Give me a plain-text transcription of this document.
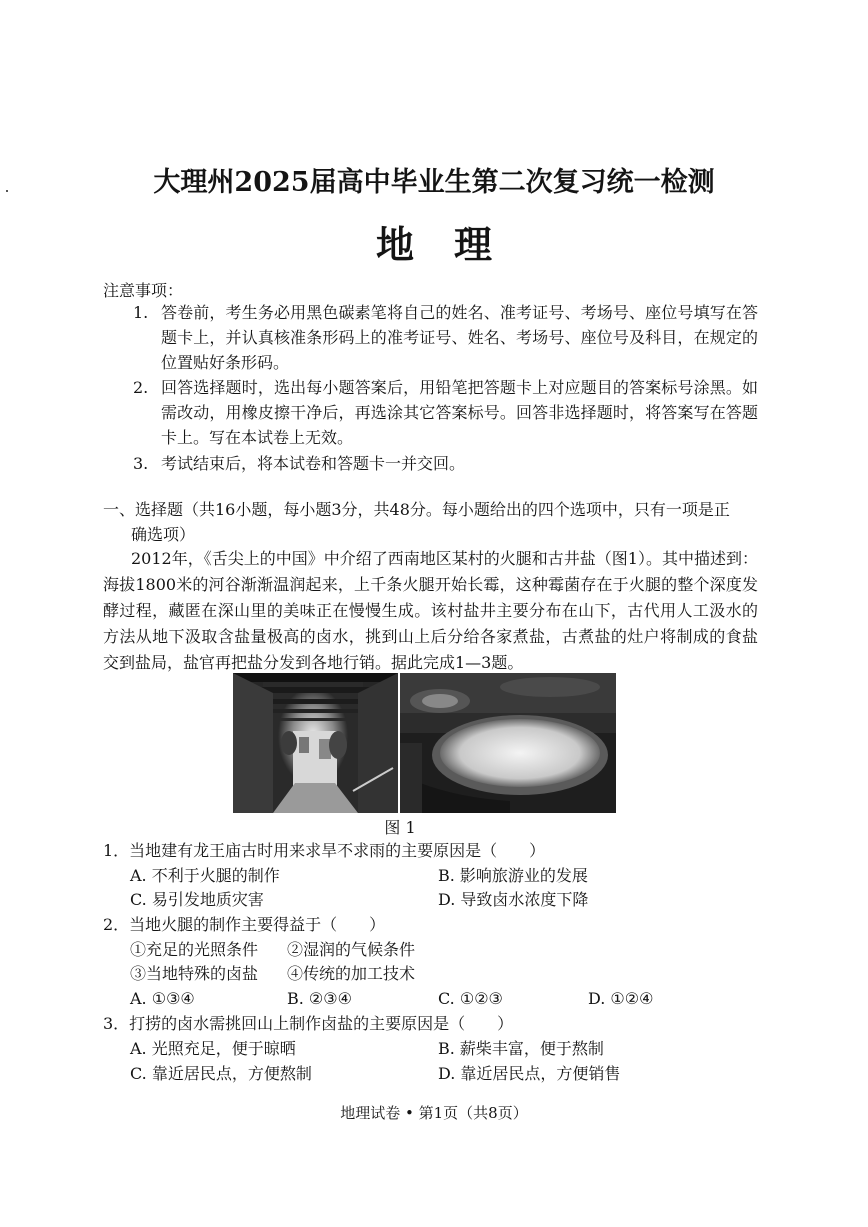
大理州2025届高中毕业生第二次复习统一检测
地理
注意事项：
1. 答卷前，考生务必用黑色碳素笔将自己的姓名、准考证号、考场号、座位号填写在答题卡上，并认真核准条形码上的准考证号、姓名、考场号、座位号及科目，在规定的位置贴好条形码。
2. 回答选择题时，选出每小题答案后，用铅笔把答题卡上对应题目的答案标号涂黑。如需改动，用橡皮擦干净后，再选涂其它答案标号。回答非选择题时，将答案写在答题卡上。写在本试卷上无效。
3. 考试结束后，将本试卷和答题卡一并交回。
一、选择题（共16小题，每小题3分，共48分。每小题给出的四个选项中，只有一项是正
确选项）
2012年，《舌尖上的中国》中介绍了西南地区某村的火腿和古井盐（图1）。其中描述到：海拔1800米的河谷渐渐温润起来，上千条火腿开始长霉，这种霉菌存在于火腿的整个深度发酵过程，藏匿在深山里的美味正在慢慢生成。该村盐井主要分布在山下，古代用人工汲水的方法从地下汲取含盐量极高的卤水，挑到山上后分给各家煮盐，古煮盐的灶户将制成的食盐交到盐局，盐官再把盐分发到各地行销。据此完成1—3题。
图 1
1．当地建有龙王庙古时用来求旱不求雨的主要原因是（　　）
A. 不利于火腿的制作	B. 影响旅游业的发展
C. 易引发地质灾害	D. 导致卤水浓度下降
2．当地火腿的制作主要得益于（　　）
①充足的光照条件 ②湿润的气候条件
③当地特殊的卤盐 ④传统的加工技术
A. ①③④	B. ②③④	C. ①②③	D. ①②④
3．打捞的卤水需挑回山上制作卤盐的主要原因是（　　）
A. 光照充足，便于晾晒	B. 薪柴丰富，便于熬制
C. 靠近居民点，方便熬制	D. 靠近居民点，方便销售
地理试卷 • 第1页（共8页）
